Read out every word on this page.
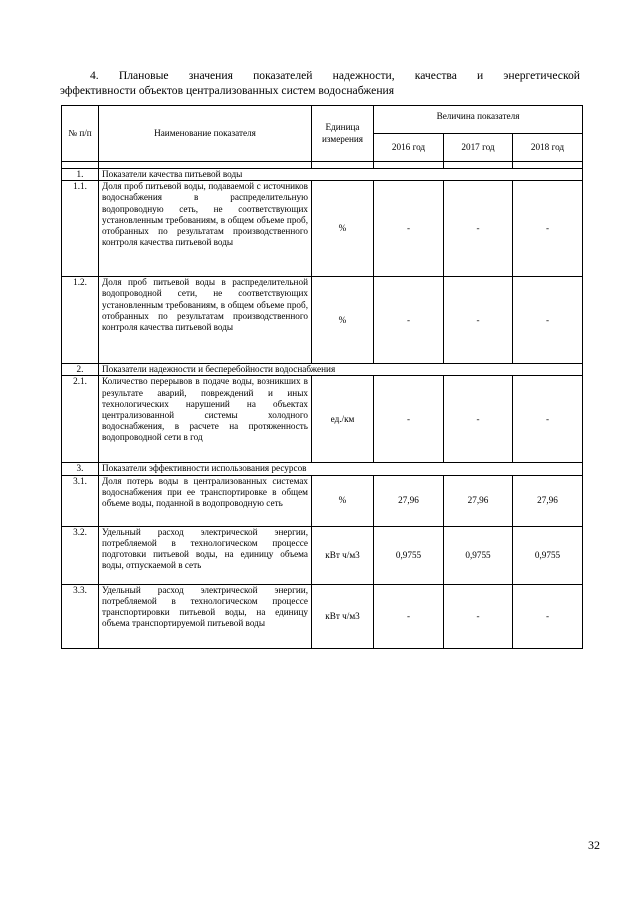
4. Плановые значения показателей надежности, качества и энергетической
эффективности объектов централизованных систем водоснабжения
№ п/п	Наименование показателя	Единица измерения	Величина показателя		
			2016 год	2017 год	2018 год

1.	Показатели качества питьевой воды				
1.1.	Доля проб питьевой воды, подаваемой с источников водоснабжения в распределительную водопроводную сеть, не соответствующих установленным требованиям, в общем объеме проб, отобранных по результатам производственного контроля качества питьевой воды	%	-	-	-
1.2.	Доля проб питьевой воды в распределительной водопроводной сети, не соответствующих установленным требованиям, в общем объеме проб, отобранных по результатам производственного контроля качества питьевой воды	%	-	-	-
2.	Показатели надежности и бесперебойности водоснабжения				
2.1.	Количество перерывов в подаче воды, возникших в результате аварий, повреждений и иных технологических нарушений на объектах централизованной системы холодного водоснабжения, в расчете на протяженность водопроводной сети в год	ед./км	-	-	-
3.	Показатели эффективности использования ресурсов				
3.1.	Доля потерь воды в централизованных системах водоснабжения при ее транспортировке в общем объеме воды, поданной в водопроводную сеть	%	27,96	27,96	27,96
3.2.	Удельный расход электрической энергии, потребляемой в технологическом процессе подготовки питьевой воды, на единицу объема воды, отпускаемой в сеть	кВт ч/м3	0,9755	0,9755	0,9755
3.3.	Удельный расход электрической энергии, потребляемой в технологическом процессе транспортировки питьевой воды, на единицу объема транспортируемой питьевой воды	кВт ч/м3	-	-	-
32
